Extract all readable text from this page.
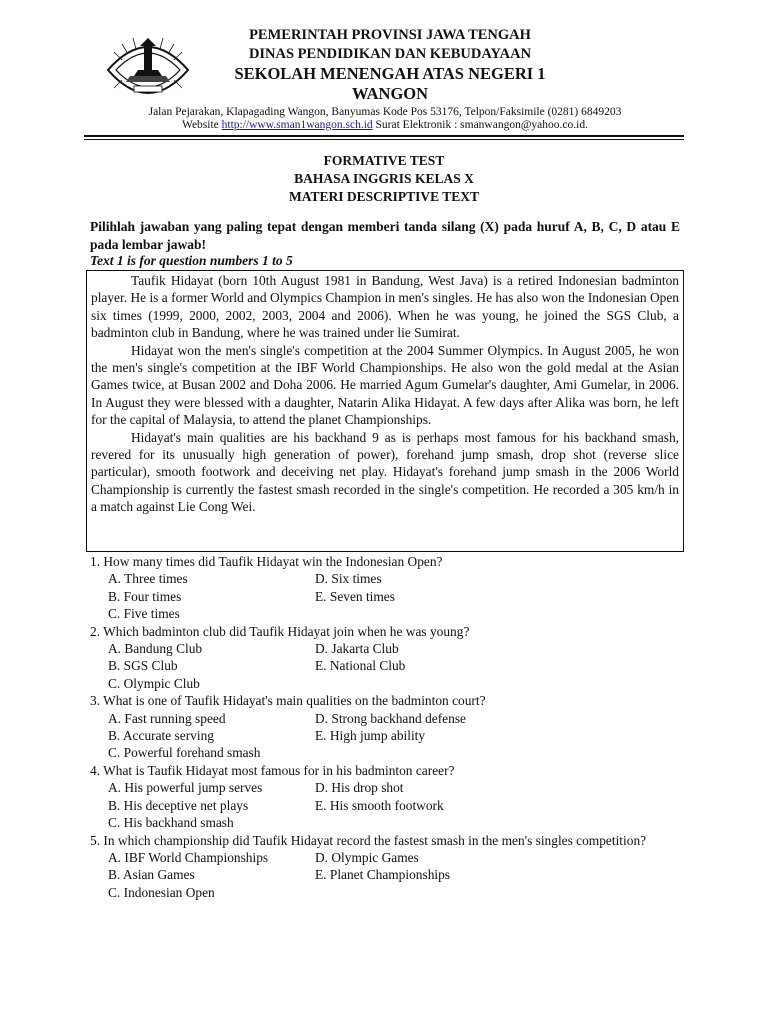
PEMERINTAH PROVINSI JAWA TENGAH
DINAS PENDIDIKAN DAN KEBUDAYAAN
SEKOLAH MENENGAH ATAS NEGERI 1
WANGON
Jalan Pejarakan, Klapagading Wangon, Banyumas Kode Pos 53176, Telpon/Faksimile (0281) 6849203
Website http://www.sman1wangon.sch.id Surat Elektronik : smanwangon@yahoo.co.id.
FORMATIVE TEST
BAHASA INGGRIS KELAS X
MATERI DESCRIPTIVE TEXT
Pilihlah jawaban yang paling tepat dengan memberi tanda silang (X) pada huruf A, B, C, D atau E pada lembar jawab!
Text 1 is for question numbers 1 to 5

Taufik Hidayat (born 10th August 1981 in Bandung, West Java) is a retired Indonesian badminton player. He is a former World and Olympics Champion in men's singles. He has also won the Indonesian Open six times (1999, 2000, 2002, 2003, 2004 and 2006). When he was young, he joined the SGS Club, a badminton club in Bandung, where he was trained under lie Sumirat.

Hidayat won the men's single's competition at the 2004 Summer Olympics. In August 2005, he won the men's single's competition at the IBF World Championships. He also won the gold medal at the Asian Games twice, at Busan 2002 and Doha 2006. He married Agum Gumelar's daughter, Ami Gumelar, in 2006. In August they were blessed with a daughter, Natarin Alika Hidayat. A few days after Alika was born, he left for the capital of Malaysia, to attend the planet Championships.

Hidayat's main qualities are his backhand 9 as is perhaps most famous for his backhand smash, revered for its unusually high generation of power), forehand jump smash, drop shot (reverse slice particular), smooth footwork and deceiving net play. Hidayat's forehand jump smash in the 2006 World Championship is currently the fastest smash recorded in the single's competition. He recorded a 305 km/h in a match against Lie Cong Wei.

1. How many times did Taufik Hidayat win the Indonesian Open?
A. Three times	D. Six times
B. Four times	E. Seven times
C. Five times
2. Which badminton club did Taufik Hidayat join when he was young?
A. Bandung Club	D. Jakarta Club
B. SGS Club	E. National Club
C. Olympic Club
3. What is one of Taufik Hidayat's main qualities on the badminton court?
A. Fast running speed	D. Strong backhand defense
B. Accurate serving	E. High jump ability
C. Powerful forehand smash
4. What is Taufik Hidayat most famous for in his badminton career?
A. His powerful jump serves	D. His drop shot
B. His deceptive net plays	E. His smooth footwork
C. His backhand smash
5. In which championship did Taufik Hidayat record the fastest smash in the men's singles competition?
A. IBF World Championships	D. Olympic Games
B. Asian Games	E. Planet Championships
C. Indonesian Open
